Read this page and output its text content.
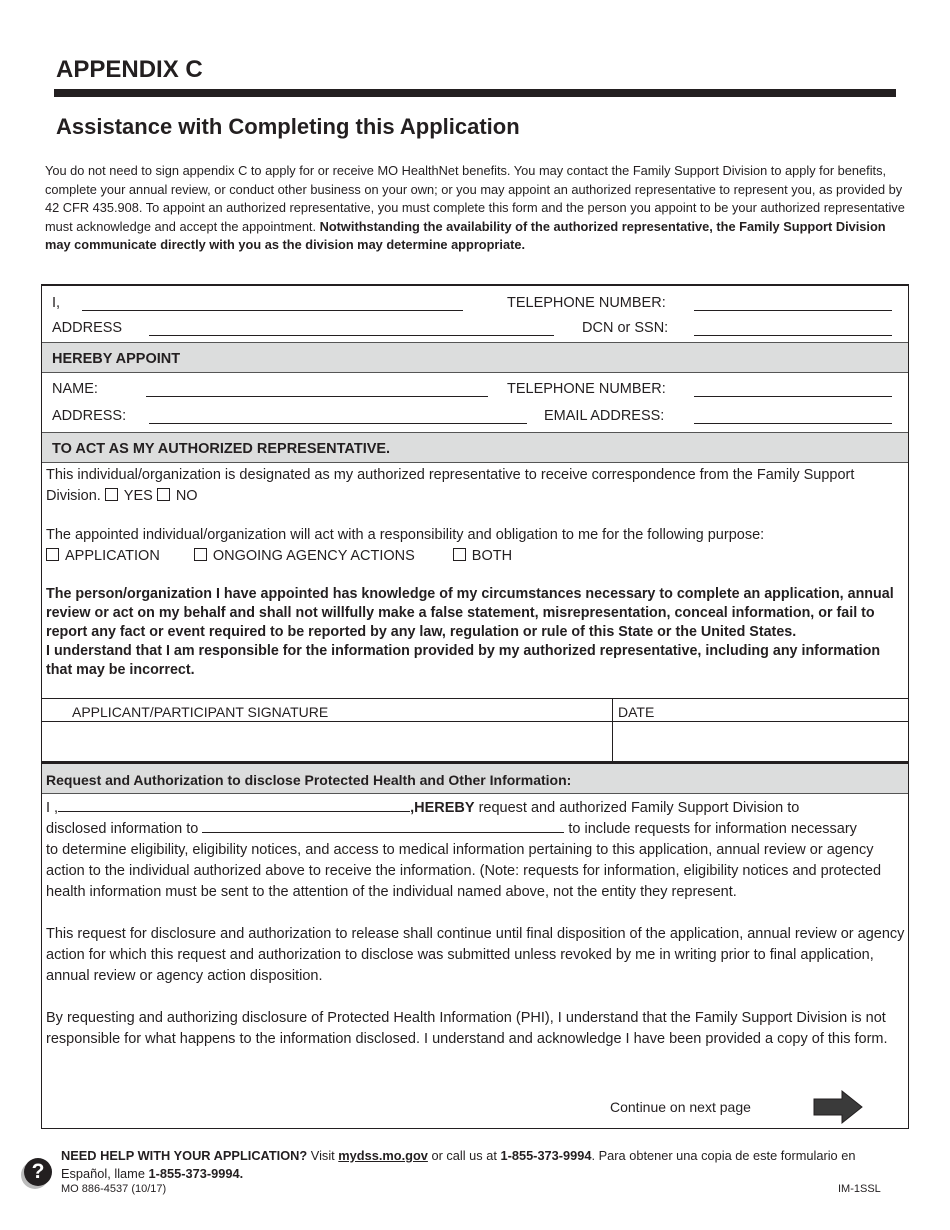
APPENDIX C
Assistance with Completing this Application

You do not need to sign appendix C to apply for or receive MO HealthNet benefits. You may contact the Family Support Division to apply for benefits, complete your annual review, or conduct other business on your own; or you may appoint an authorized representative to represent you, as provided by 42 CFR 435.908. To appoint an authorized representative, you must complete this form and the person you appoint to be your authorized representative must acknowledge and accept the appointment. Notwithstanding the availability of the authorized representative, the Family Support Division may communicate directly with you as the division may determine appropriate.

I,	TELEPHONE NUMBER:
ADDRESS	DCN or SSN:
HEREBY APPOINT
NAME:	TELEPHONE NUMBER:
ADDRESS:	EMAIL ADDRESS:
TO ACT AS MY AUTHORIZED REPRESENTATIVE.

This individual/organization is designated as my authorized representative to receive correspondence from the Family Support Division. YES NO

The appointed individual/organization will act with a responsibility and obligation to me for the following purpose:
APPLICATION	ONGOING AGENCY ACTIONS	BOTH

The person/organization I have appointed has knowledge of my circumstances necessary to complete an application, annual review or act on my behalf and shall not willfully make a false statement, misrepresentation, conceal information, or fail to report any fact or event required to be reported by any law, regulation or rule of this State or the United States.
I understand that I am responsible for the information provided by my authorized representative, including any information that may be incorrect.

APPLICANT/PARTICIPANT SIGNATURE	DATE
Request and Authorization to disclose Protected Health and Other Information:
I ,	,HEREBY request and authorized Family Support Division to
disclosed information to	to include requests for information necessary
to determine eligibility, eligibility notices, and access to medical information pertaining to this application, annual review or agency action to the individual authorized above to receive the information. (Note: requests for information, eligibility notices and protected health information must be sent to the attention of the individual named above, not the entity they represent.
This request for disclosure and authorization to release shall continue until final disposition of the application, annual review or agency action for which this request and authorization to disclose was submitted unless revoked by me in writing prior to final application, annual review or agency action disposition.
By requesting and authorizing disclosure of Protected Health Information (PHI), I understand that the Family Support Division is not responsible for what happens to the information disclosed. I understand and acknowledge I have been provided a copy of this form.
Continue on next page
?
NEED HELP WITH YOUR APPLICATION? Visit mydss.mo.gov or call us at 1-855-373-9994. Para obtener una copia de este formulario en Español, llame 1-855-373-9994.
MO 886-4537 (10/17)	IM-1SSL
